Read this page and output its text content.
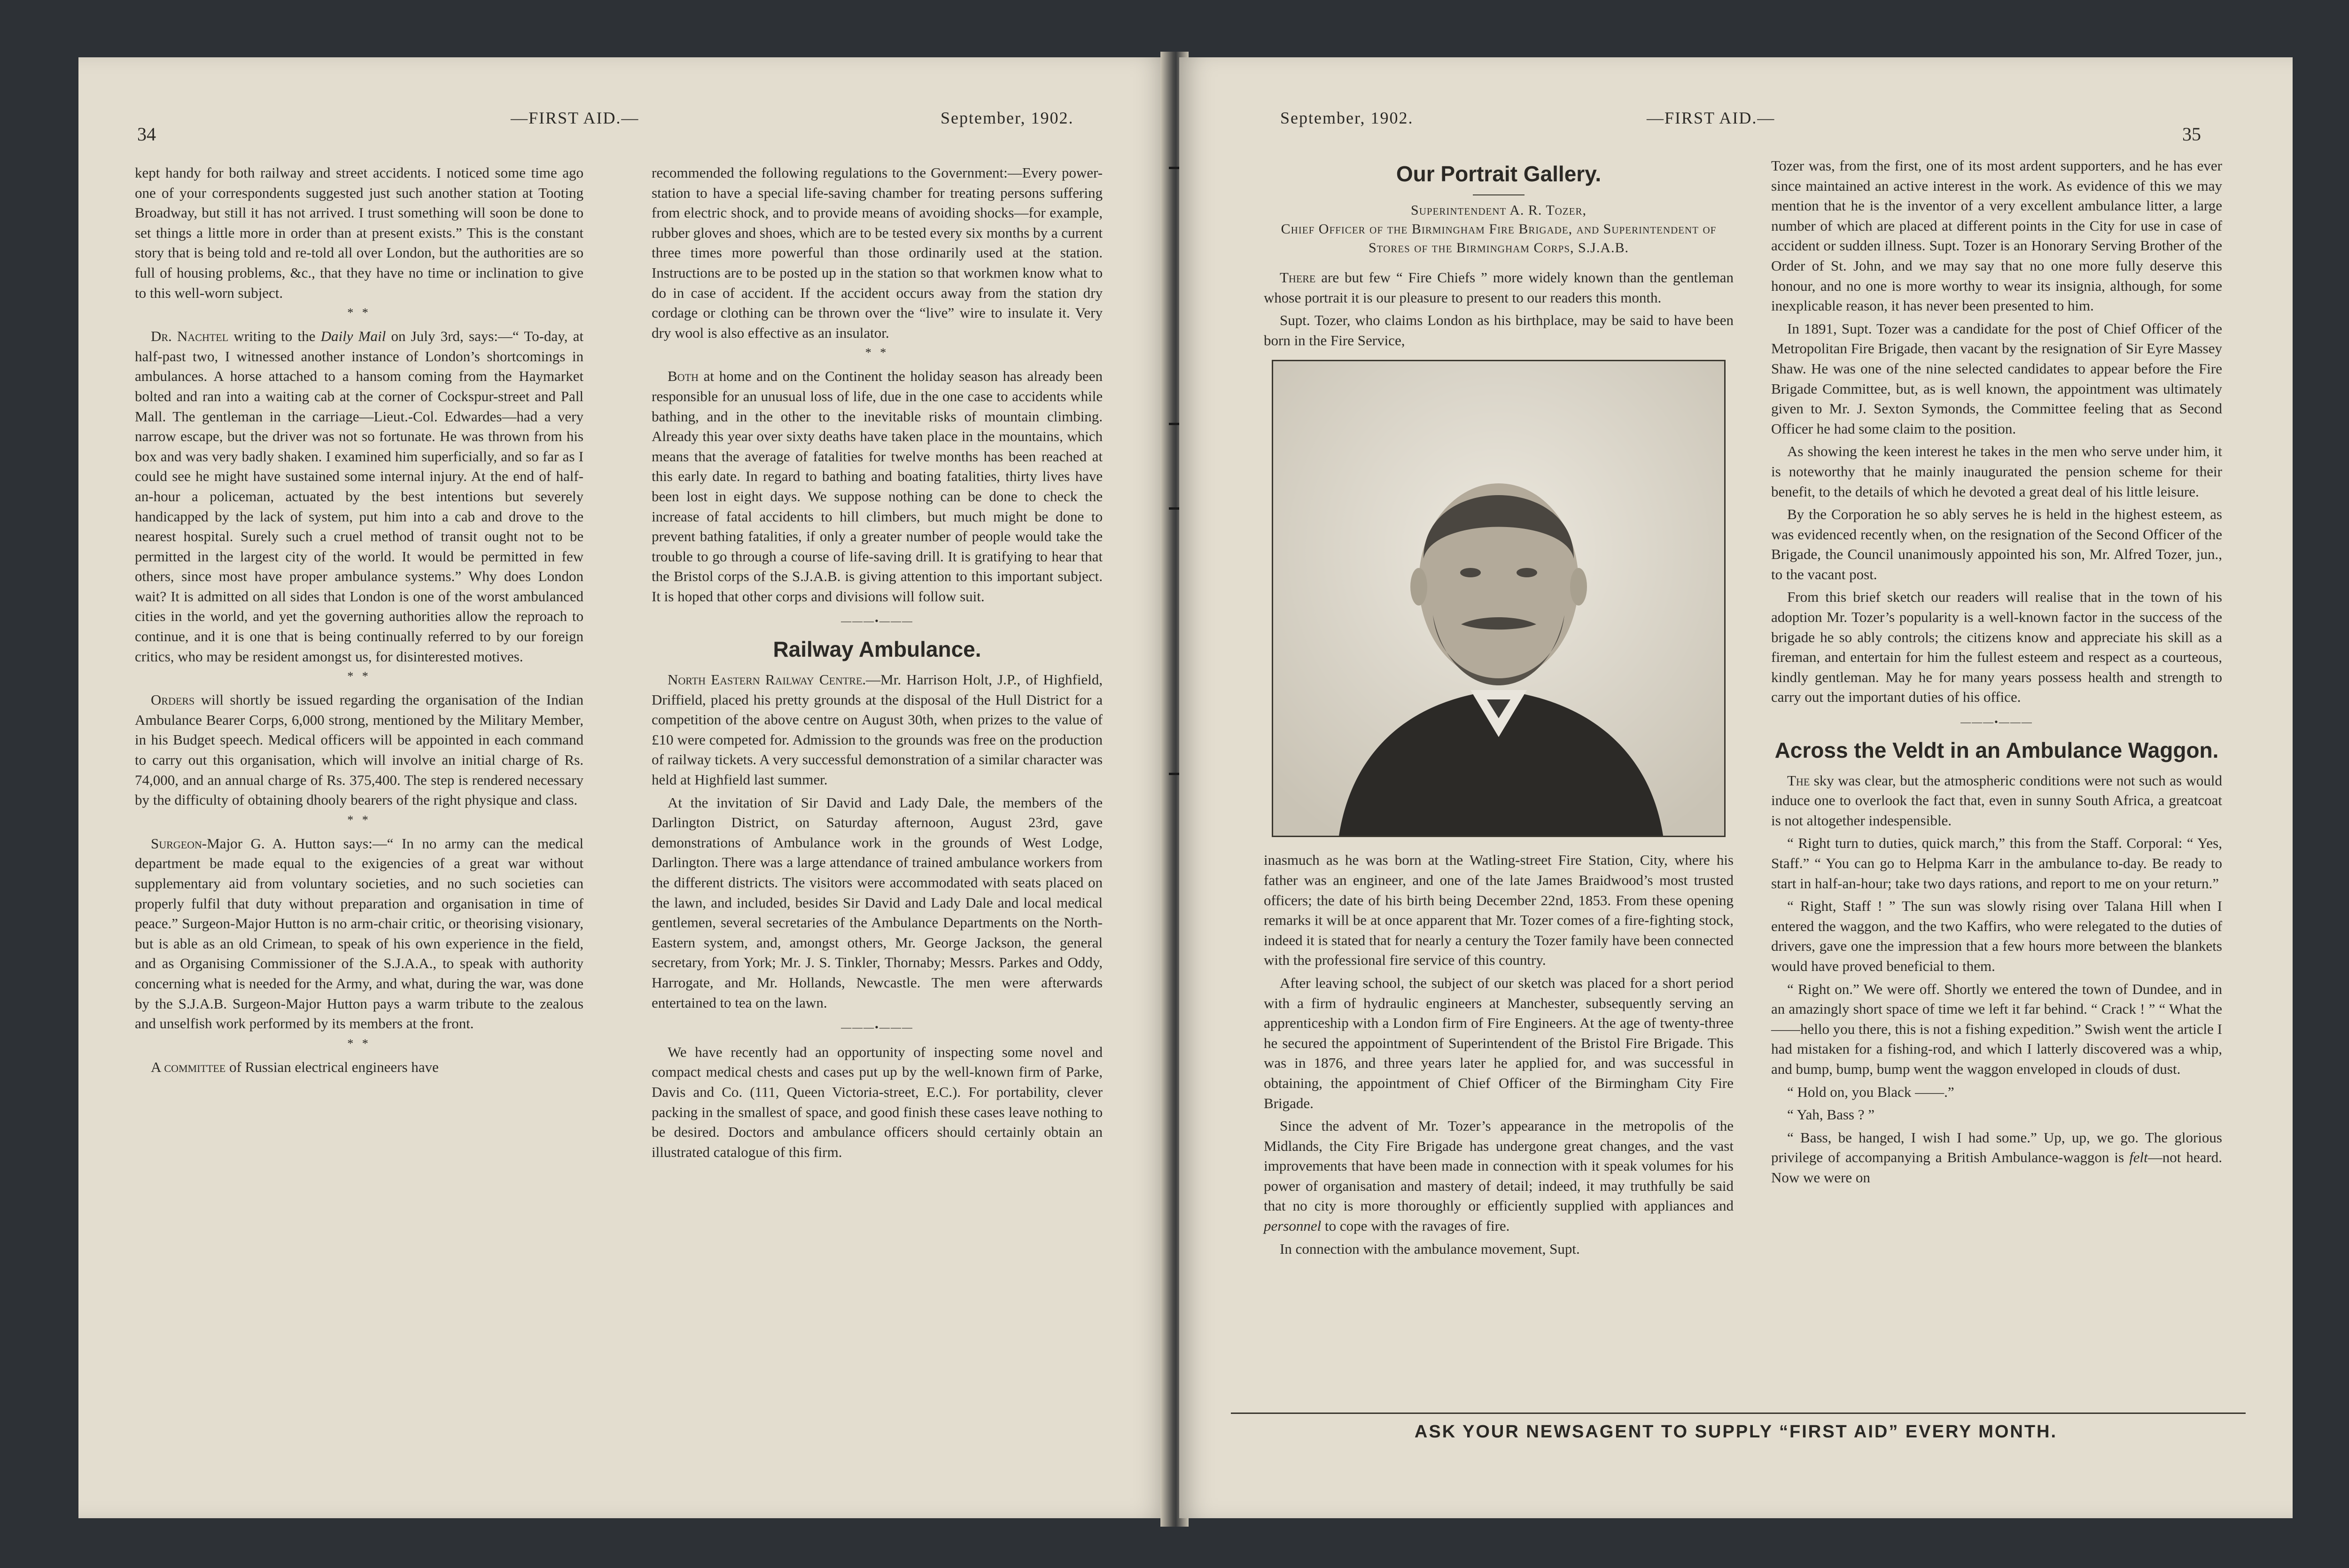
34
—FIRST AID.—	September, 1902.

kept handy for both railway and street accidents. I noticed some time ago one of your correspondents suggested just such another station at Tooting Broadway, but still it has not arrived. I trust something will soon be done to set things a little more in order than at present exists.” This is the constant story that is being told and re-told all over London, but the authorities are so full of housing problems, &c., that they have no time or inclination to give to this well-worn subject.

* *

Dr. Nachtel writing to the Daily Mail on July 3rd, says:—“ To-day, at half-past two, I witnessed another instance of London’s shortcomings in ambulances. A horse attached to a hansom coming from the Haymarket bolted and ran into a waiting cab at the corner of Cockspur-street and Pall Mall. The gentleman in the carriage—Lieut.-Col. Edwardes—had a very narrow escape, but the driver was not so fortunate. He was thrown from his box and was very badly shaken. I examined him superficially, and so far as I could see he might have sustained some internal injury. At the end of half-an-hour a policeman, actuated by the best intentions but severely handicapped by the lack of system, put him into a cab and drove to the nearest hospital. Surely such a cruel method of transit ought not to be permitted in the largest city of the world. It would be permitted in few others, since most have proper ambulance systems.” Why does London wait? It is admitted on all sides that London is one of the worst ambulanced cities in the world, and yet the governing authorities allow the reproach to continue, and it is one that is being continually referred to by our foreign critics, who may be resident amongst us, for disinterested motives.

* *

Orders will shortly be issued regarding the organisation of the Indian Ambulance Bearer Corps, 6,000 strong, mentioned by the Military Member, in his Budget speech. Medical officers will be appointed in each command to carry out this organisation, which will involve an initial charge of Rs. 74,000, and an annual charge of Rs. 375,400. The step is rendered necessary by the difficulty of obtaining dhooly bearers of the right physique and class.

* *

Surgeon-Major G. A. Hutton says:—“ In no army can the medical department be made equal to the exigencies of a great war without supplementary aid from voluntary societies, and no such societies can properly fulfil that duty without preparation and organisation in time of peace.” Surgeon-Major Hutton is no arm-chair critic, or theorising visionary, but is able as an old Crimean, to speak of his own experience in the field, and as Organising Commissioner of the S.J.A.A., to speak with authority concerning what is needed for the Army, and what, during the war, was done by the S.J.A.B. Surgeon-Major Hutton pays a warm tribute to the zealous and unselfish work performed by its members at the front.

* *

A committee of Russian electrical engineers have

recommended the following regulations to the Government:—Every power-station to have a special life-saving chamber for treating persons suffering from electric shock, and to provide means of avoiding shocks—for example, rubber gloves and shoes, which are to be tested every six months by a current three times more powerful than those ordinarily used at the station. Instructions are to be posted up in the station so that workmen know what to do in case of accident. If the accident occurs away from the station dry cordage or clothing can be thrown over the “live” wire to insulate it. Very dry wool is also effective as an insulator.

* *

Both at home and on the Continent the holiday season has already been responsible for an unusual loss of life, due in the one case to accidents while bathing, and in the other to the inevitable risks of mountain climbing. Already this year over sixty deaths have taken place in the mountains, which means that the average of fatalities for twelve months has been reached at this early date. In regard to bathing and boating fatalities, thirty lives have been lost in eight days. We suppose nothing can be done to check the increase of fatal accidents to hill climbers, but much might be done to prevent bathing fatalities, if only a greater number of people would take the trouble to go through a course of life-saving drill. It is gratifying to hear that the Bristol corps of the S.J.A.B. is giving attention to this important subject. It is hoped that other corps and divisions will follow suit.

———•———
Railway Ambulance.

North Eastern Railway Centre.—Mr. Harrison Holt, J.P., of Highfield, Driffield, placed his pretty grounds at the disposal of the Hull District for a competition of the above centre on August 30th, when prizes to the value of £10 were competed for. Admission to the grounds was free on the production of railway tickets. A very successful demonstration of a similar character was held at Highfield last summer.

At the invitation of Sir David and Lady Dale, the members of the Darlington District, on Saturday afternoon, August 23rd, gave demonstrations of Ambulance work in the grounds of West Lodge, Darlington. There was a large attendance of trained ambulance workers from the different districts. The visitors were accommodated with seats placed on the lawn, and included, besides Sir David and Lady Dale and local medical gentlemen, several secretaries of the Ambulance Departments on the North-Eastern system, and, amongst others, Mr. George Jackson, the general secretary, from York; Mr. J. S. Tinkler, Thornaby; Messrs. Parkes and Oddy, Harrogate, and Mr. Hollands, Newcastle. The men were afterwards entertained to tea on the lawn.

———•———

We have recently had an opportunity of inspecting some novel and compact medical chests and cases put up by the well-known firm of Parke, Davis and Co. (111, Queen Victoria-street, E.C.). For portability, clever packing in the smallest of space, and good finish these cases leave nothing to be desired. Doctors and ambulance officers should certainly obtain an illustrated catalogue of this firm.

September, 1902.	—FIRST AID.—
35
Our Portrait Gallery.
Superintendent A. R. Tozer,
Chief Officer of the Birmingham Fire Brigade, and Superintendent of Stores of the Birmingham Corps, S.J.A.B.

There are but few “ Fire Chiefs ” more widely known than the gentleman whose portrait it is our pleasure to present to our readers this month.

Supt. Tozer, who claims London as his birthplace, may be said to have been born in the Fire Service,

inasmuch as he was born at the Watling-street Fire Station, City, where his father was an engineer, and one of the late James Braidwood’s most trusted officers; the date of his birth being December 22nd, 1853. From these opening remarks it will be at once apparent that Mr. Tozer comes of a fire-fighting stock, indeed it is stated that for nearly a century the Tozer family have been connected with the professional fire service of this country.

After leaving school, the subject of our sketch was placed for a short period with a firm of hydraulic engineers at Manchester, subsequently serving an apprenticeship with a London firm of Fire Engineers. At the age of twenty-three he secured the appointment of Superintendent of the Bristol Fire Brigade. This was in 1876, and three years later he applied for, and was successful in obtaining, the appointment of Chief Officer of the Birmingham City Fire Brigade.

Since the advent of Mr. Tozer’s appearance in the metropolis of the Midlands, the City Fire Brigade has undergone great changes, and the vast improvements that have been made in connection with it speak volumes for his power of organisation and mastery of detail; indeed, it may truthfully be said that no city is more thoroughly or efficiently supplied with appliances and personnel to cope with the ravages of fire.

In connection with the ambulance movement, Supt.

Tozer was, from the first, one of its most ardent supporters, and he has ever since maintained an active interest in the work. As evidence of this we may mention that he is the inventor of a very excellent ambulance litter, a large number of which are placed at different points in the City for use in case of accident or sudden illness. Supt. Tozer is an Honorary Serving Brother of the Order of St. John, and we may say that no one more fully deserve this honour, and no one is more worthy to wear its insignia, although, for some inexplicable reason, it has never been presented to him.

In 1891, Supt. Tozer was a candidate for the post of Chief Officer of the Metropolitan Fire Brigade, then vacant by the resignation of Sir Eyre Massey Shaw. He was one of the nine selected candidates to appear before the Fire Brigade Committee, but, as is well known, the appointment was ultimately given to Mr. J. Sexton Symonds, the Committee feeling that as Second Officer he had some claim to the position.

As showing the keen interest he takes in the men who serve under him, it is noteworthy that he mainly inaugurated the pension scheme for their benefit, to the details of which he devoted a great deal of his little leisure.

By the Corporation he so ably serves he is held in the highest esteem, as was evidenced recently when, on the resignation of the Second Officer of the Brigade, the Council unanimously appointed his son, Mr. Alfred Tozer, jun., to the vacant post.

From this brief sketch our readers will realise that in the town of his adoption Mr. Tozer’s popularity is a well-known factor in the success of the brigade he so ably controls; the citizens know and appreciate his skill as a fireman, and entertain for him the fullest esteem and respect as a courteous, kindly gentleman. May he for many years possess health and strength to carry out the important duties of his office.

———•———
Across the Veldt in an Ambulance Waggon.

The sky was clear, but the atmospheric conditions were not such as would induce one to overlook the fact that, even in sunny South Africa, a greatcoat is not altogether indespensible.

“ Right turn to duties, quick march,” this from the Staff. Corporal: “ Yes, Staff.” “ You can go to Helpma Karr in the ambulance to-day. Be ready to start in half-an-hour; take two days rations, and report to me on your return.”

“ Right, Staff ! ” The sun was slowly rising over Talana Hill when I entered the waggon, and the two Kaffirs, who were relegated to the duties of drivers, gave one the impression that a few hours more between the blankets would have proved beneficial to them.

“ Right on.” We were off. Shortly we entered the town of Dundee, and in an amazingly short space of time we left it far behind. “ Crack ! ” “ What the ——hello you there, this is not a fishing expedition.” Swish went the article I had mistaken for a fishing-rod, and which I latterly discovered was a whip, and bump, bump, bump went the waggon enveloped in clouds of dust.

“ Hold on, you Black ——.”

“ Yah, Bass ? ”

“ Bass, be hanged, I wish I had some.” Up, up, we go. The glorious privilege of accompanying a British Ambulance-waggon is felt—not heard. Now we were on

ASK YOUR NEWSAGENT TO SUPPLY “FIRST AID” EVERY MONTH.
